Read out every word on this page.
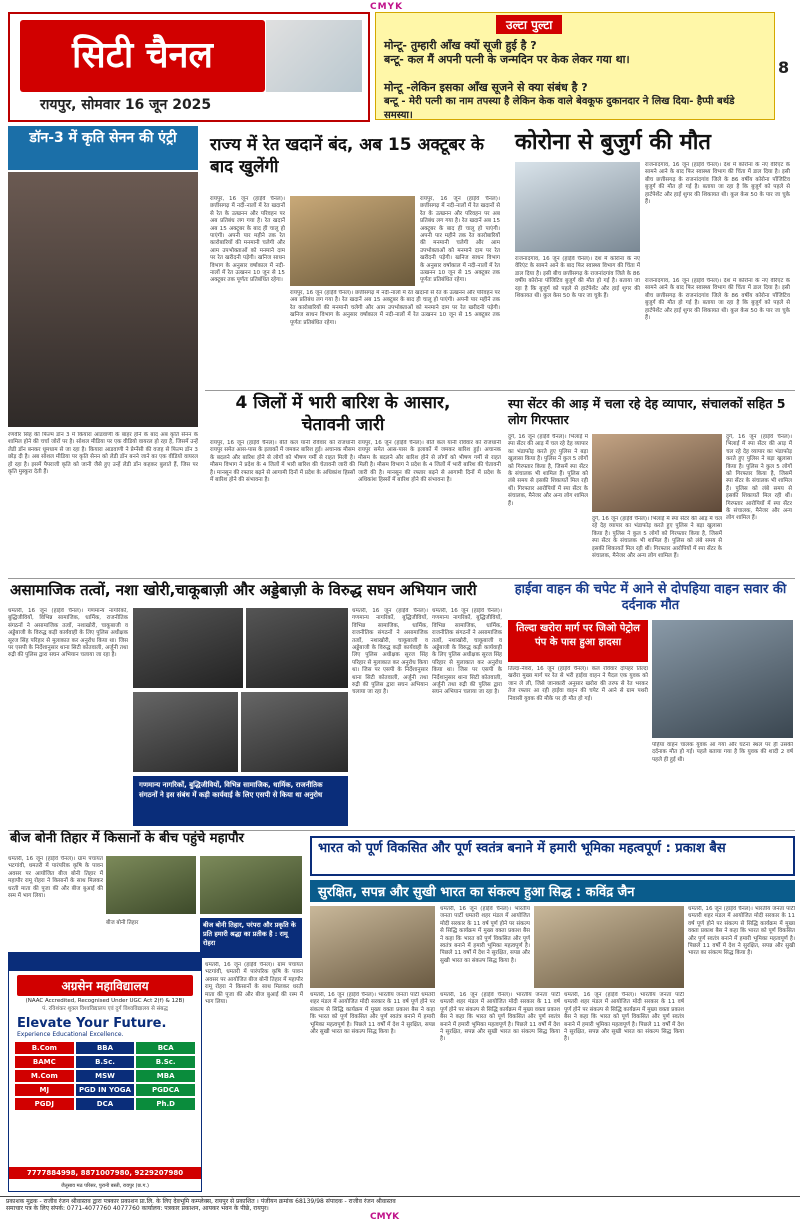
CMYK
सिटी चैनल
रायपुर, सोमवार 16 जून 2025
उल्टा पुल्टा
मोन्टू- तुम्हारी आँख क्यों सूजी हुई है ?
बन्टू- कल मैं अपनी पत्नी के जन्मदिन पर केक लेकर गया था।
मोन्टू -लेकिन इसका आँख सूजने से क्या संबंध है ?
बन्टू - मेरी पत्नी का नाम तपस्या है लेकिन केक वाले बेवकूफ दुकानदार ने लिख दिया- हैप्पी बर्थडे समस्या।
8
डॉन-3 में कृति सेनन की एंट्री
रणवीर सिंह की फिल्म डॉन 3 में कियारा आडवाणी के बाहर होने के बाद अब कृति सेनन के शामिल होने की चर्चा जोरों पर है। सोशल मीडिया पर एक वीडियो वायरल हो रहा है, जिसमें उन्हें लेडी डॉन बनकर धूमधाम से जा रहा है। कियारा आडवाणी ने प्रेग्नेंसी की वजह से फिल्म डॉन 3 छोड़ दी है। अब सोशल मीडिया पर कृति सेनन को लेडी डॉन बनने जाने का एक वीडियो वायरल हो रहा है। इसमें पैपराजी कृति को जानी जैसे हुए उन्हें लेडी डॉन कहकर बुलाते हैं, जिस पर कृति मुस्कुरा देती हैं।
राज्य में रेत खदानें बंद, अब 15 अक्टूबर के बाद खुलेंगी
रायपुर, 16 जून (हाईवे चैनल)। छत्तीसगढ़ में नदी-नालों में रेत खदानों से रेत के उत्खनन और परिवहन पर अब प्रतिबंध लग गया है। रेत खदानें अब 15 अक्टूबर के बाद ही चालू हो पाएंगी। अपनी पार महीने तक रेत कारोबारियों की मनमानी चलेगी और आम उपभोक्ताओं को मनमाने दाम पर रेत खरीदनी पड़ेगी। खनिज साधन विभाग के अनुसार वर्षाकाल में नदी-नालों में रेत उत्खनन 10 जून से 15 अक्टूबर तक पूर्णतः प्रतिबंधित रहेगा।
रायपुर, 16 जून (हाईवे चैनल)। छत्तीसगढ़ में नदी-नालों में रेत खदानों से रेत के उत्खनन और परिवहन पर अब प्रतिबंध लग गया है। रेत खदानें अब 15 अक्टूबर के बाद ही चालू हो पाएंगी। अपनी पार महीने तक रेत कारोबारियों की मनमानी चलेगी और आम उपभोक्ताओं को मनमाने दाम पर रेत खरीदनी पड़ेगी। खनिज साधन विभाग के अनुसार वर्षाकाल में नदी-नालों में रेत उत्खनन 10 जून से 15 अक्टूबर तक पूर्णतः प्रतिबंधित रहेगा।
रायपुर, 16 जून (हाईवे चैनल)। छत्तीसगढ़ में नदी-नालों में रेत खदानों से रेत के उत्खनन और परिवहन पर अब प्रतिबंध लग गया है। रेत खदानें अब 15 अक्टूबर के बाद ही चालू हो पाएंगी। अपनी पार महीने तक रेत कारोबारियों की मनमानी चलेगी और आम उपभोक्ताओं को मनमाने दाम पर रेत खरीदनी पड़ेगी। खनिज साधन विभाग के अनुसार वर्षाकाल में नदी-नालों में रेत उत्खनन 10 जून से 15 अक्टूबर तक पूर्णतः प्रतिबंधित रहेगा।
कोरोना से बुजुर्ग की मौत
राजनांदगांव, 16 जून (हाईवे चैनल)। देश में कोरोना के नए वेरिएंट के सामने आने के बाद फिर स्वास्थ्य विभाग की चिंता में डाल दिया है। इसी बीच छत्तीसगढ़ के राजनांदगांव जिले के 86 वर्षीय कोरोना पॉजिटिव बुजुर्ग की मौत हो गई है। बताया जा रहा है कि बुजुर्ग को पहले से हार्टपेशेंट और हाई शुगर की शिकायत थी। कुल केस 50 के पार जा चुके हैं।
राजनांदगांव, 16 जून (हाईवे चैनल)। देश में कोरोना के नए वेरिएंट के सामने आने के बाद फिर स्वास्थ्य विभाग की चिंता में डाल दिया है। इसी बीच छत्तीसगढ़ के राजनांदगांव जिले के 86 वर्षीय कोरोना पॉजिटिव बुजुर्ग की मौत हो गई है। बताया जा रहा है कि बुजुर्ग को पहले से हार्टपेशेंट और हाई शुगर की शिकायत थी। कुल केस 50 के पार जा चुके हैं।
राजनांदगांव, 16 जून (हाईवे चैनल)। देश में कोरोना के नए वेरिएंट के सामने आने के बाद फिर स्वास्थ्य विभाग की चिंता में डाल दिया है। इसी बीच छत्तीसगढ़ के राजनांदगांव जिले के 86 वर्षीय कोरोना पॉजिटिव बुजुर्ग की मौत हो गई है। बताया जा रहा है कि बुजुर्ग को पहले से हार्टपेशेंट और हाई शुगर की शिकायत थी। कुल केस 50 के पार जा चुके हैं।
4 जिलों में भारी बारिश के आसार, चेतावनी जारी
रायपुर, 16 जून (हाईवे चैनल)। बीते कल यानी रविवार को राजधानी रायपुर समेत आस-पास के इलाकों में जमकर बारिश हुई। अचानक मौसम के बदलने और बारिश होने से लोगों को भीषण गर्मी से राहत मिली है। मौसम विभाग ने प्रदेश के 4 जिलों में भारी बारिश की चेतावनी जारी की है। मानसून की रफ्तार बढ़ने से आगामी दिनों में प्रदेश के अधिकांश हिस्सों में बारिश होने की संभावना है।
रायपुर, 16 जून (हाईवे चैनल)। बीते कल यानी रविवार को राजधानी रायपुर समेत आस-पास के इलाकों में जमकर बारिश हुई। अचानक मौसम के बदलने और बारिश होने से लोगों को भीषण गर्मी से राहत मिली है। मौसम विभाग ने प्रदेश के 4 जिलों में भारी बारिश की चेतावनी जारी की है। मानसून की रफ्तार बढ़ने से आगामी दिनों में प्रदेश के अधिकांश हिस्सों में बारिश होने की संभावना है।
स्पा सेंटर की आड़ में चला रहे देह व्यापार, संचालकों सहित 5 लोग गिरफ्तार
दुर्ग, 16 जून (हाईवे चैनल)। भिलाई में स्पा सेंटर की आड़ में चल रहे देह व्यापार का भंडाफोड़ करते हुए पुलिस ने बड़ा खुलासा किया है। पुलिस ने कुल 5 लोगों को गिरफ्तार किया है, जिसमें स्पा सेंटर के संचालक भी शामिल हैं। पुलिस को लंबे समय से इसकी शिकायतें मिल रही थीं। गिरफ्तार आरोपियों में स्पा सेंटर के संचालक, मैनेजर और अन्य लोग शामिल हैं।
दुर्ग, 16 जून (हाईवे चैनल)। भिलाई में स्पा सेंटर की आड़ में चल रहे देह व्यापार का भंडाफोड़ करते हुए पुलिस ने बड़ा खुलासा किया है। पुलिस ने कुल 5 लोगों को गिरफ्तार किया है, जिसमें स्पा सेंटर के संचालक भी शामिल हैं। पुलिस को लंबे समय से इसकी शिकायतें मिल रही थीं। गिरफ्तार आरोपियों में स्पा सेंटर के संचालक, मैनेजर और अन्य लोग शामिल हैं।
दुर्ग, 16 जून (हाईवे चैनल)। भिलाई में स्पा सेंटर की आड़ में चल रहे देह व्यापार का भंडाफोड़ करते हुए पुलिस ने बड़ा खुलासा किया है। पुलिस ने कुल 5 लोगों को गिरफ्तार किया है, जिसमें स्पा सेंटर के संचालक भी शामिल हैं। पुलिस को लंबे समय से इसकी शिकायतें मिल रही थीं। गिरफ्तार आरोपियों में स्पा सेंटर के संचालक, मैनेजर और अन्य लोग शामिल हैं।
असामाजिक तत्वों, नशा खोरी,चाकूबाज़ी और अड्डेबाज़ी के विरुद्ध सघन अभियान जारी
धमतरी, 16 जून (हाईवे चैनल)। गणमान्य नागरिकों, बुद्धिजीवियों, विभिन्न सामाजिक, धार्मिक, राजनीतिक संगठनों ने असामाजिक तत्वों, नशाखोरी, चाकूबाजी व अड्डेबाजी के विरुद्ध कड़ी कार्यवाही के लिए पुलिस अधीक्षक सूरज सिंह परिहार से मुलाकात कर अनुरोध किया था। जिस पर एसपी के निर्देशानुसार थाना सिटी कोतवाली, अर्जुनी तथा रुद्री की पुलिस द्वारा सघन अभियान चलाया जा रहा है।
गणमान्य नागरिकों, बुद्धिजीवियों, विभिन्न सामाजिक, धार्मिक, राजनीतिक संगठनों ने इस संबंध में कड़ी कार्यवाई के लिए एसपी से किया था अनुरोध
धमतरी, 16 जून (हाईवे चैनल)। गणमान्य नागरिकों, बुद्धिजीवियों, विभिन्न सामाजिक, धार्मिक, राजनीतिक संगठनों ने असामाजिक तत्वों, नशाखोरी, चाकूबाजी व अड्डेबाजी के विरुद्ध कड़ी कार्यवाही के लिए पुलिस अधीक्षक सूरज सिंह परिहार से मुलाकात कर अनुरोध किया था। जिस पर एसपी के निर्देशानुसार थाना सिटी कोतवाली, अर्जुनी तथा रुद्री की पुलिस द्वारा सघन अभियान चलाया जा रहा है।
धमतरी, 16 जून (हाईवे चैनल)। गणमान्य नागरिकों, बुद्धिजीवियों, विभिन्न सामाजिक, धार्मिक, राजनीतिक संगठनों ने असामाजिक तत्वों, नशाखोरी, चाकूबाजी व अड्डेबाजी के विरुद्ध कड़ी कार्यवाही के लिए पुलिस अधीक्षक सूरज सिंह परिहार से मुलाकात कर अनुरोध किया था। जिस पर एसपी के निर्देशानुसार थाना सिटी कोतवाली, अर्जुनी तथा रुद्री की पुलिस द्वारा सघन अभियान चलाया जा रहा है।
हाईवा वाहन की चपेट में आने से दोपहिया वाहन सवार की दर्दनाक मौत
तिल्दा खरोरा मार्ग पर जिओ पेट्रोल पंप के पास हुआ हादसा
तिल्दा-नेवरा, 16 जून (हाईवे चैनल)। कल रविवार दोपहर तिल्दा खरोरा मुख्य मार्ग पर रेत से भरी हाईवा वाहन ने पैदल एक युवक को जान ले ली, जिसे जानकारी अनुसार खरोरा की तरफ से रेत भरकर तेज रफ्तार आ रही हाईवा वाहन की चपेट में आने से ग्राम पथरी निवासी युवक की मौके पर ही मौत हो गई।
पहिया वाहन चालक युवक आ गया और घटना स्थल पर ही उसकी दर्दनाक मौत हो गई। पहले बताया गया है कि युवक की शादी 2 वर्ष पहले ही हुई थी।
बीज बोनी तिहार में किसानों के बीच पहुंचे महापौर
धमतरी, 16 जून (हाईवे चैनल)। ग्राम पंचायत भटगांवी, धमतरी में पारंपरिक कृषि के पावन अवसर पर आयोजित बीज बोनी तिहार में महापौर रामू रोहरा ने किसानों के साथ मिलकर धरती माता की पूजा की और बीज बुआई की रस्म में भाग लिया।
बीज बोनी तिहार	बीज बोनी तिहार, परंपरा और प्रकृति के प्रति हमारी श्रद्धा का प्रतीक है : रामू रोहरा
धमतरी, 16 जून (हाईवे चैनल)। ग्राम पंचायत भटगांवी, धमतरी में पारंपरिक कृषि के पावन अवसर पर आयोजित बीज बोनी तिहार में महापौर रामू रोहरा ने किसानों के साथ मिलकर धरती माता की पूजा की और बीज बुआई की रस्म में भाग लिया।
अग्रसेन महाविद्यालय
(NAAC Accredited, Recognised Under UGC Act 2(f) & 12B)
पं. रविशंकर शुक्ल विश्वविद्यालय एवं दुर्ग विश्वविद्यालय से संबद्ध
Elevate Your Future.
Experience Educational Excellence.
B.Com	BBA	BCA
BAMC	B.Sc.	B.Sc.
M.Com	MSW	MBA
MJ	PGD IN YOGA	PGDCA
PGDJ	DCA	Ph.D
7777884998, 8871007980, 9229207980
जैतूसाव मठ परिसर, पुरानी बस्ती, रायपुर (छ.ग.)
भारत को पूर्ण विकसित और पूर्ण स्वतंत्र बनाने में हमारी भूमिका महत्वपूर्ण : प्रकाश बैस
सुरक्षित, सपन्न और सुखी भारत का संकल्प हुआ सिद्ध : कविंद्र जैन
धमतरी, 16 जून (हाईवे चैनल)। भारतीय जनता पार्टी धमतरी शहर मंडल में आयोजित मोदी सरकार के 11 वर्ष पूर्ण होने पर संकल्प से सिद्धि कार्यक्रम में मुख्य वक्ता प्रकाश बैस ने कहा कि भारत को पूर्ण विकसित और पूर्ण स्वतंत्र बनाने में हमारी भूमिका महत्वपूर्ण है। पिछले 11 वर्षों में देश ने सुरक्षित, सपन्न और सुखी भारत का संकल्प सिद्ध किया है।
धमतरी, 16 जून (हाईवे चैनल)। भारतीय जनता पार्टी धमतरी शहर मंडल में आयोजित मोदी सरकार के 11 वर्ष पूर्ण होने पर संकल्प से सिद्धि कार्यक्रम में मुख्य वक्ता प्रकाश बैस ने कहा कि भारत को पूर्ण विकसित और पूर्ण स्वतंत्र बनाने में हमारी भूमिका महत्वपूर्ण है। पिछले 11 वर्षों में देश ने सुरक्षित, सपन्न और सुखी भारत का संकल्प सिद्ध किया है।
धमतरी, 16 जून (हाईवे चैनल)। भारतीय जनता पार्टी धमतरी शहर मंडल में आयोजित मोदी सरकार के 11 वर्ष पूर्ण होने पर संकल्प से सिद्धि कार्यक्रम में मुख्य वक्ता प्रकाश बैस ने कहा कि भारत को पूर्ण विकसित और पूर्ण स्वतंत्र बनाने में हमारी भूमिका महत्वपूर्ण है। पिछले 11 वर्षों में देश ने सुरक्षित, सपन्न और सुखी भारत का संकल्प सिद्ध किया है।
धमतरी, 16 जून (हाईवे चैनल)। भारतीय जनता पार्टी धमतरी शहर मंडल में आयोजित मोदी सरकार के 11 वर्ष पूर्ण होने पर संकल्प से सिद्धि कार्यक्रम में मुख्य वक्ता प्रकाश बैस ने कहा कि भारत को पूर्ण विकसित और पूर्ण स्वतंत्र बनाने में हमारी भूमिका महत्वपूर्ण है। पिछले 11 वर्षों में देश ने सुरक्षित, सपन्न और सुखी भारत का संकल्प सिद्ध किया है।
धमतरी, 16 जून (हाईवे चैनल)। भारतीय जनता पार्टी धमतरी शहर मंडल में आयोजित मोदी सरकार के 11 वर्ष पूर्ण होने पर संकल्प से सिद्धि कार्यक्रम में मुख्य वक्ता प्रकाश बैस ने कहा कि भारत को पूर्ण विकसित और पूर्ण स्वतंत्र बनाने में हमारी भूमिका महत्वपूर्ण है। पिछले 11 वर्षों में देश ने सुरक्षित, सपन्न और सुखी भारत का संकल्प सिद्ध किया है।
प्रकाशक मुद्रक - राजीव रंजन श्रीवास्तव द्वारा पत्रकार प्रकाशन प्रा.लि. के लिए देवभूमि कम्प्लेक्स, रायपुर से प्रकाशित । पंजीयन क्रमांक 68139/98 संपादक - राजीव रंजन श्रीवास्तव
समाचार पत्र के लिए संपर्क: 0771-4077760 4077760 कार्यालय: पत्रकार प्रकाशन, आयकर भवन के पीछे, रायपुर।
CMYK
